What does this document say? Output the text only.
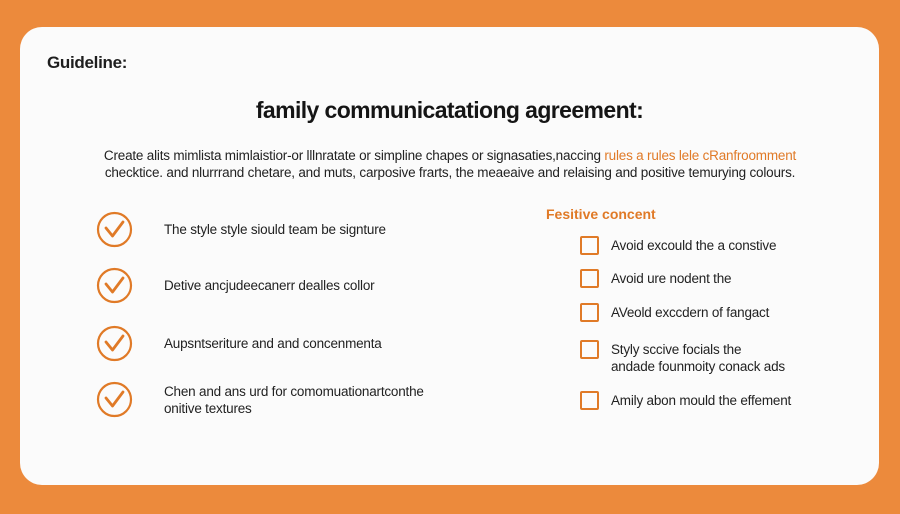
Guideline:
family communicatationg agreement:
Create alits mimlista mimlaistior-or lllnratate or simpline chapes or signasaties,naccing rules a rules lele cRanfroomment
checktice. and nlurrrand chetare, and muts, carposive frarts, the meaeaive and relaising and positive temurying colours.
The style style siould team be signture
Detive ancjudeecanerr dealles collor
Aupsntseriture and and concenmenta
Chen and ans urd for comomuationartconthe
onitive textures
Fesitive concent
Avoid excould the a constive
Avoid ure nodent the
AVeold exccdern of fangact
Styly sccive focials the
andade founmoity conack ads
Amily abon mould the effement
